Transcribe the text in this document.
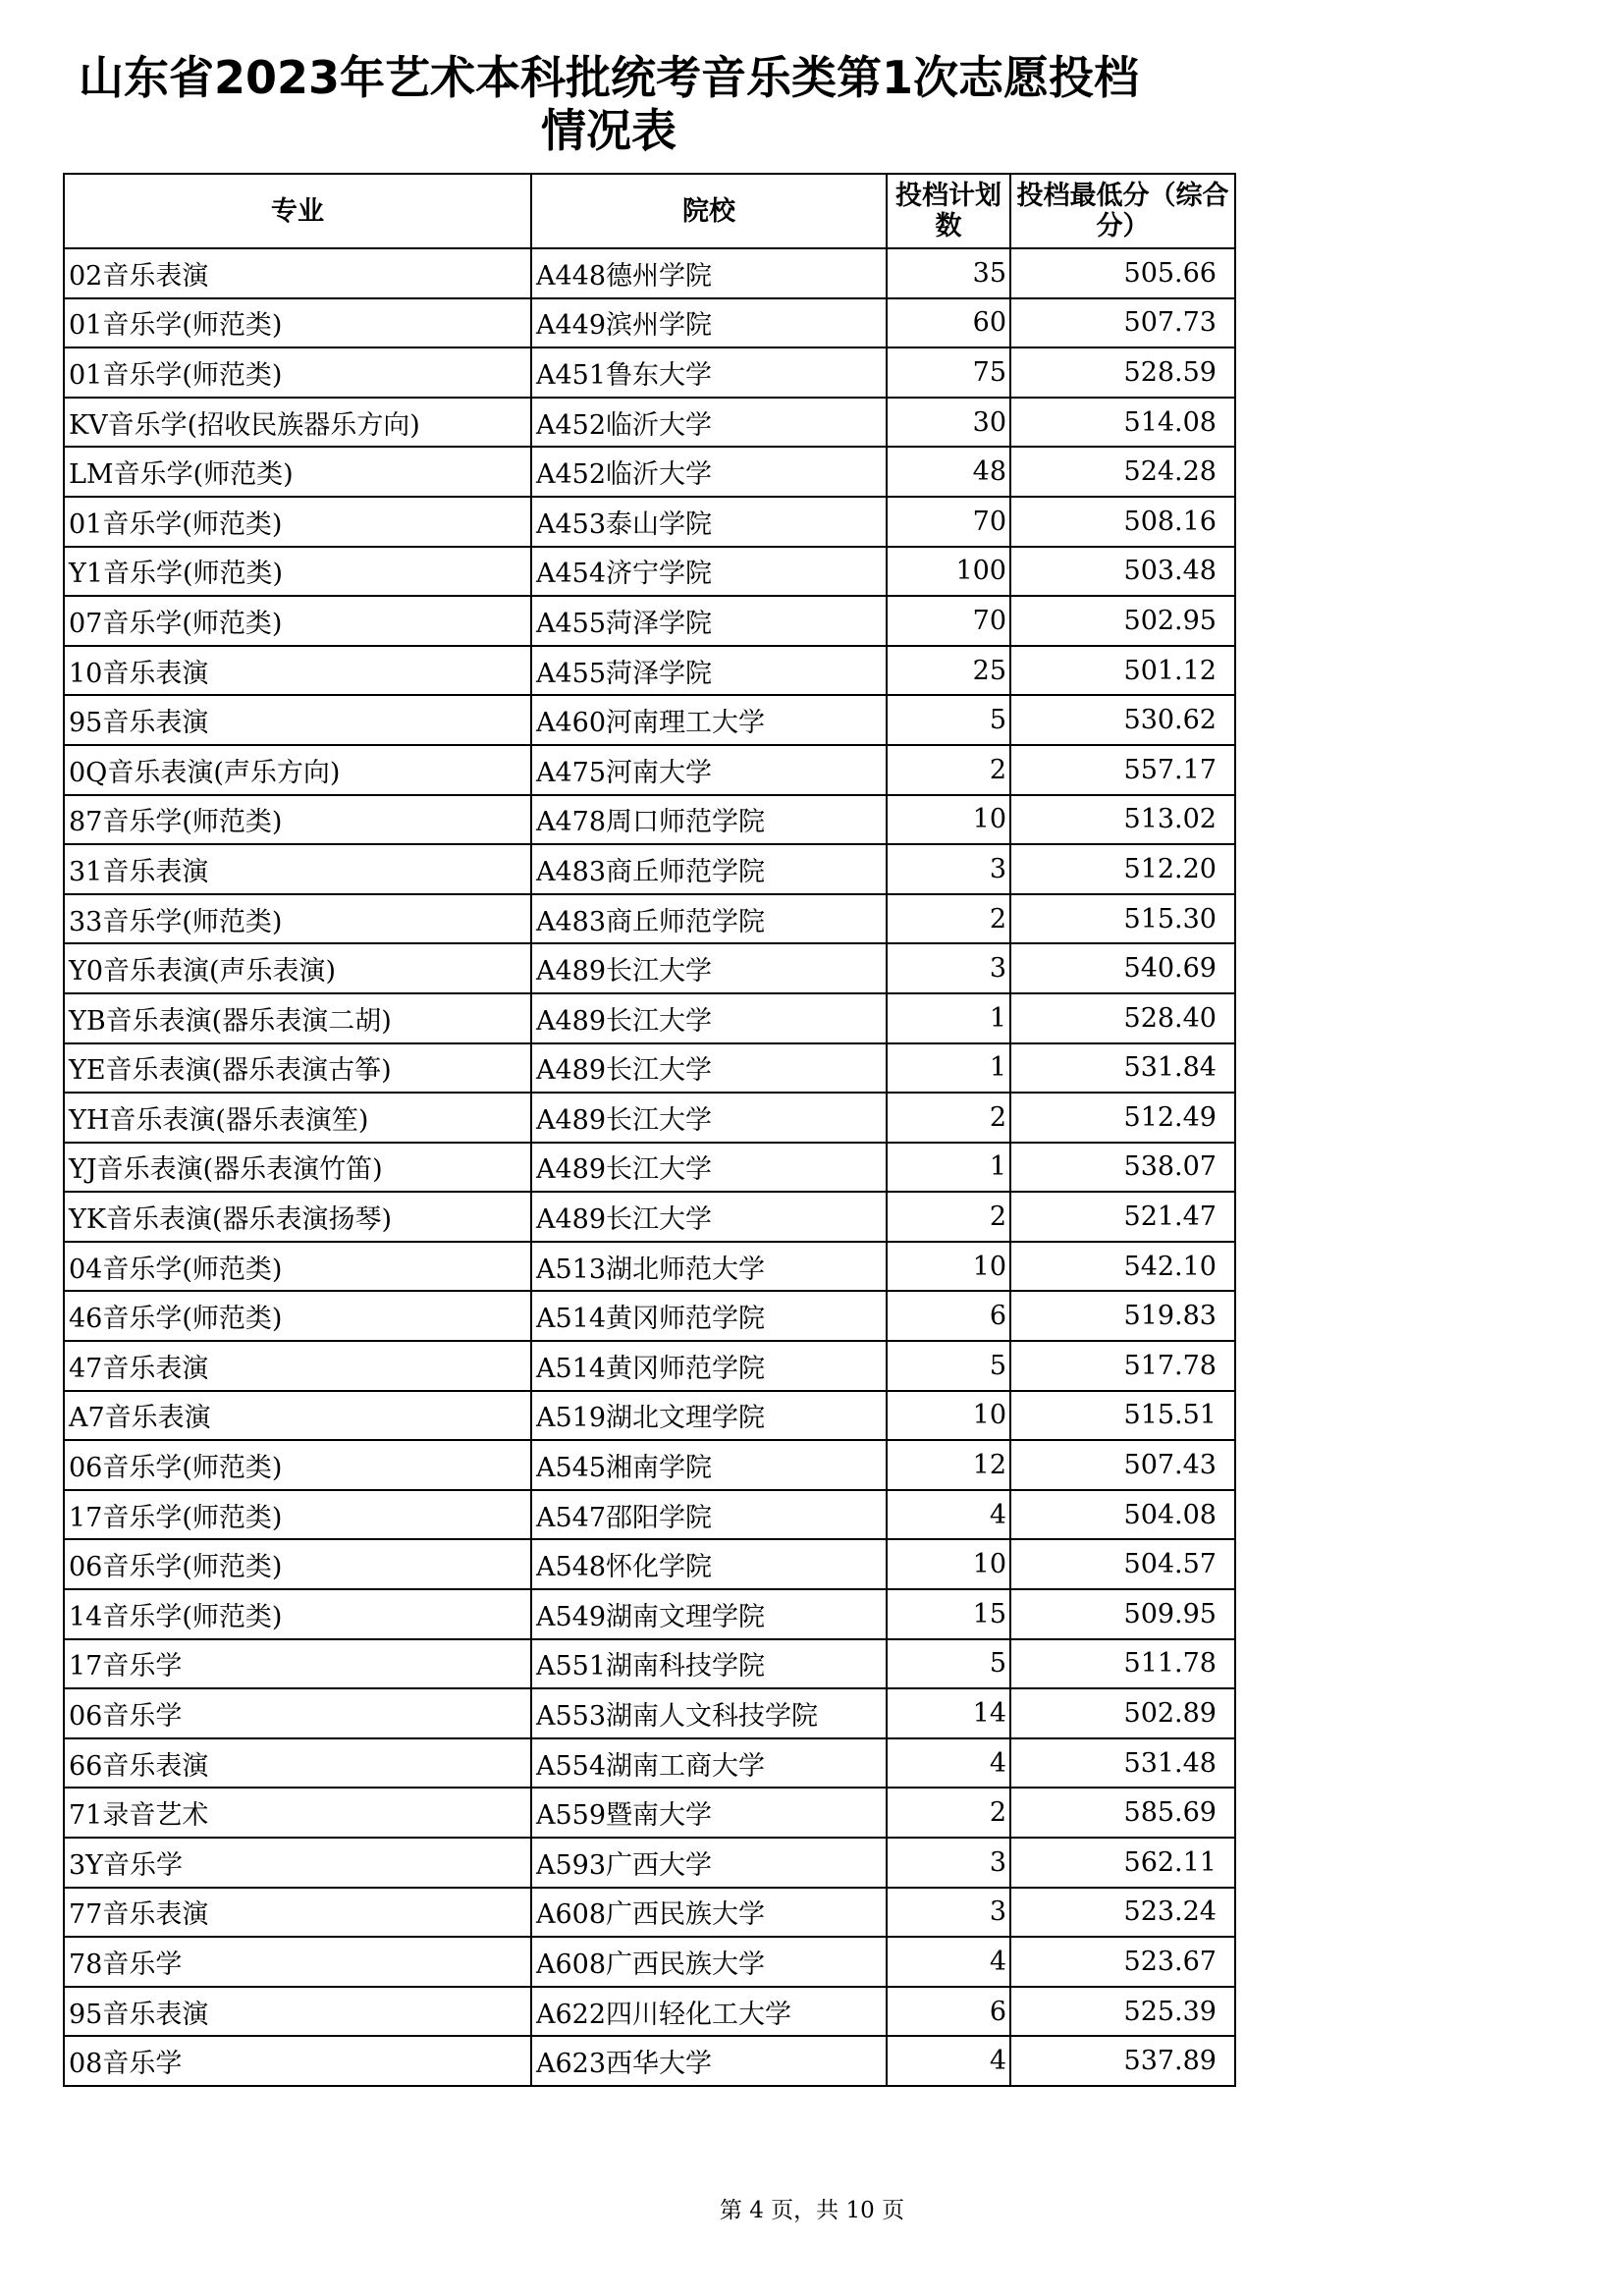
山东省2023年艺术本科批统考音乐类第1次志愿投档
情况表
专业	院校	投档计划数	投档最低分（综合分）
02音乐表演	A448德州学院	35	505.66
01音乐学(师范类)	A449滨州学院	60	507.73
01音乐学(师范类)	A451鲁东大学	75	528.59
KV音乐学(招收民族器乐方向)	A452临沂大学	30	514.08
LM音乐学(师范类)	A452临沂大学	48	524.28
01音乐学(师范类)	A453泰山学院	70	508.16
Y1音乐学(师范类)	A454济宁学院	100	503.48
07音乐学(师范类)	A455菏泽学院	70	502.95
10音乐表演	A455菏泽学院	25	501.12
95音乐表演	A460河南理工大学	5	530.62
0Q音乐表演(声乐方向)	A475河南大学	2	557.17
87音乐学(师范类)	A478周口师范学院	10	513.02
31音乐表演	A483商丘师范学院	3	512.20
33音乐学(师范类)	A483商丘师范学院	2	515.30
Y0音乐表演(声乐表演)	A489长江大学	3	540.69
YB音乐表演(器乐表演二胡)	A489长江大学	1	528.40
YE音乐表演(器乐表演古筝)	A489长江大学	1	531.84
YH音乐表演(器乐表演笙)	A489长江大学	2	512.49
YJ音乐表演(器乐表演竹笛)	A489长江大学	1	538.07
YK音乐表演(器乐表演扬琴)	A489长江大学	2	521.47
04音乐学(师范类)	A513湖北师范大学	10	542.10
46音乐学(师范类)	A514黄冈师范学院	6	519.83
47音乐表演	A514黄冈师范学院	5	517.78
A7音乐表演	A519湖北文理学院	10	515.51
06音乐学(师范类)	A545湘南学院	12	507.43
17音乐学(师范类)	A547邵阳学院	4	504.08
06音乐学(师范类)	A548怀化学院	10	504.57
14音乐学(师范类)	A549湖南文理学院	15	509.95
17音乐学	A551湖南科技学院	5	511.78
06音乐学	A553湖南人文科技学院	14	502.89
66音乐表演	A554湖南工商大学	4	531.48
71录音艺术	A559暨南大学	2	585.69
3Y音乐学	A593广西大学	3	562.11
77音乐表演	A608广西民族大学	3	523.24
78音乐学	A608广西民族大学	4	523.67
95音乐表演	A622四川轻化工大学	6	525.39
08音乐学	A623西华大学	4	537.89

第 4 页，共 10 页
